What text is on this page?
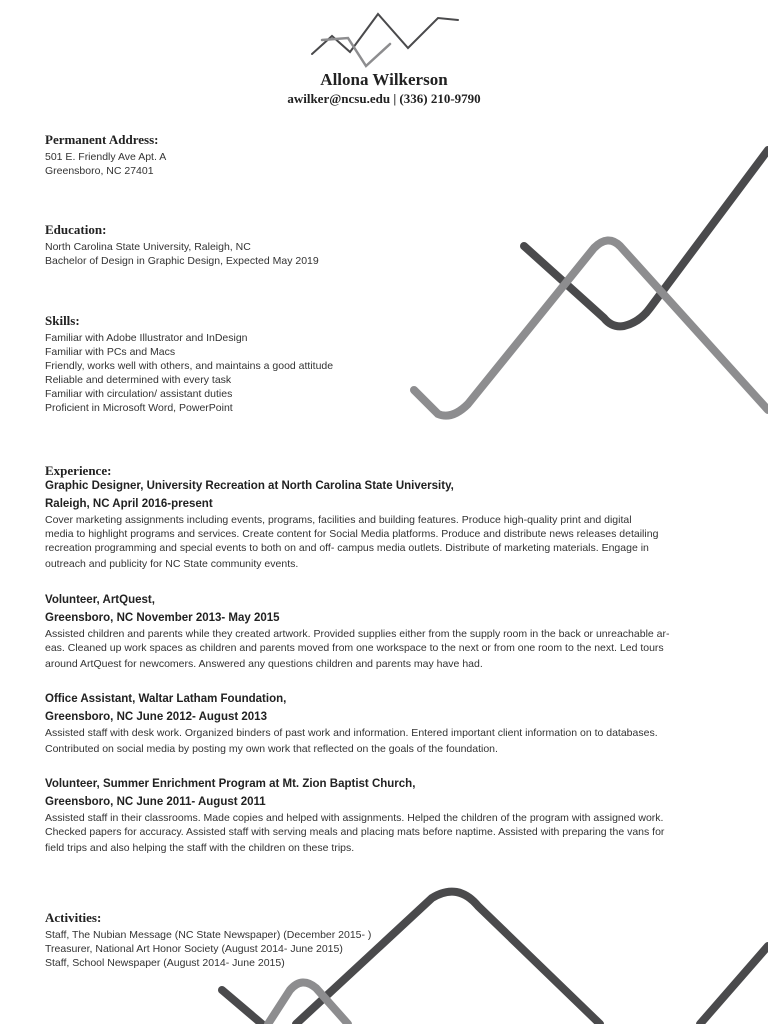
Allona Wilkerson
awilker@ncsu.edu | (336) 210-9790
Permanent Address:
501 E. Friendly Ave Apt. A
Greensboro, NC 27401
Education:
North Carolina State University, Raleigh, NC
Bachelor of Design in Graphic Design, Expected May 2019
Skills:
Familiar with Adobe Illustrator and InDesign
Familiar with PCs and Macs
Friendly, works well with others, and maintains a good attitude
Reliable and determined with every task
Familiar with circulation/ assistant duties
Proficient in Microsoft Word, PowerPoint
Experience:
Graphic Designer, University Recreation at North Carolina State University,
Raleigh, NC April 2016-present
Cover marketing assignments including events, programs, facilities and building features. Produce high-quality print and digital
media to highlight programs and services. Create content for Social Media platforms. Produce and distribute news releases detailing
recreation programming and special events to both on and off- campus media outlets. Distribute of marketing materials. Engage in
outreach and publicity for NC State community events.
Volunteer, ArtQuest,
Greensboro, NC November 2013- May 2015
Assisted children and parents while they created artwork. Provided supplies either from the supply room in the back or unreachable ar-
eas. Cleaned up work spaces as children and parents moved from one workspace to the next or from one room to the next. Led tours
around ArtQuest for newcomers. Answered any questions children and parents may have had.
Office Assistant, Waltar Latham Foundation,
Greensboro, NC June 2012- August 2013
Assisted staff with desk work. Organized binders of past work and information. Entered important client information on to databases.
Contributed on social media by posting my own work that reflected on the goals of the foundation.
Volunteer, Summer Enrichment Program at Mt. Zion Baptist Church,
Greensboro, NC June 2011- August 2011
Assisted staff in their classrooms. Made copies and helped with assignments. Helped the children of the program with assigned work.
Checked papers for accuracy. Assisted staff with serving meals and placing mats before naptime. Assisted with preparing the vans for
field trips and also helping the staff with the children on these trips.
Activities:
Staff, The Nubian Message (NC State Newspaper) (December 2015- )
Treasurer, National Art Honor Society (August 2014- June 2015)
Staff, School Newspaper (August 2014- June 2015)
